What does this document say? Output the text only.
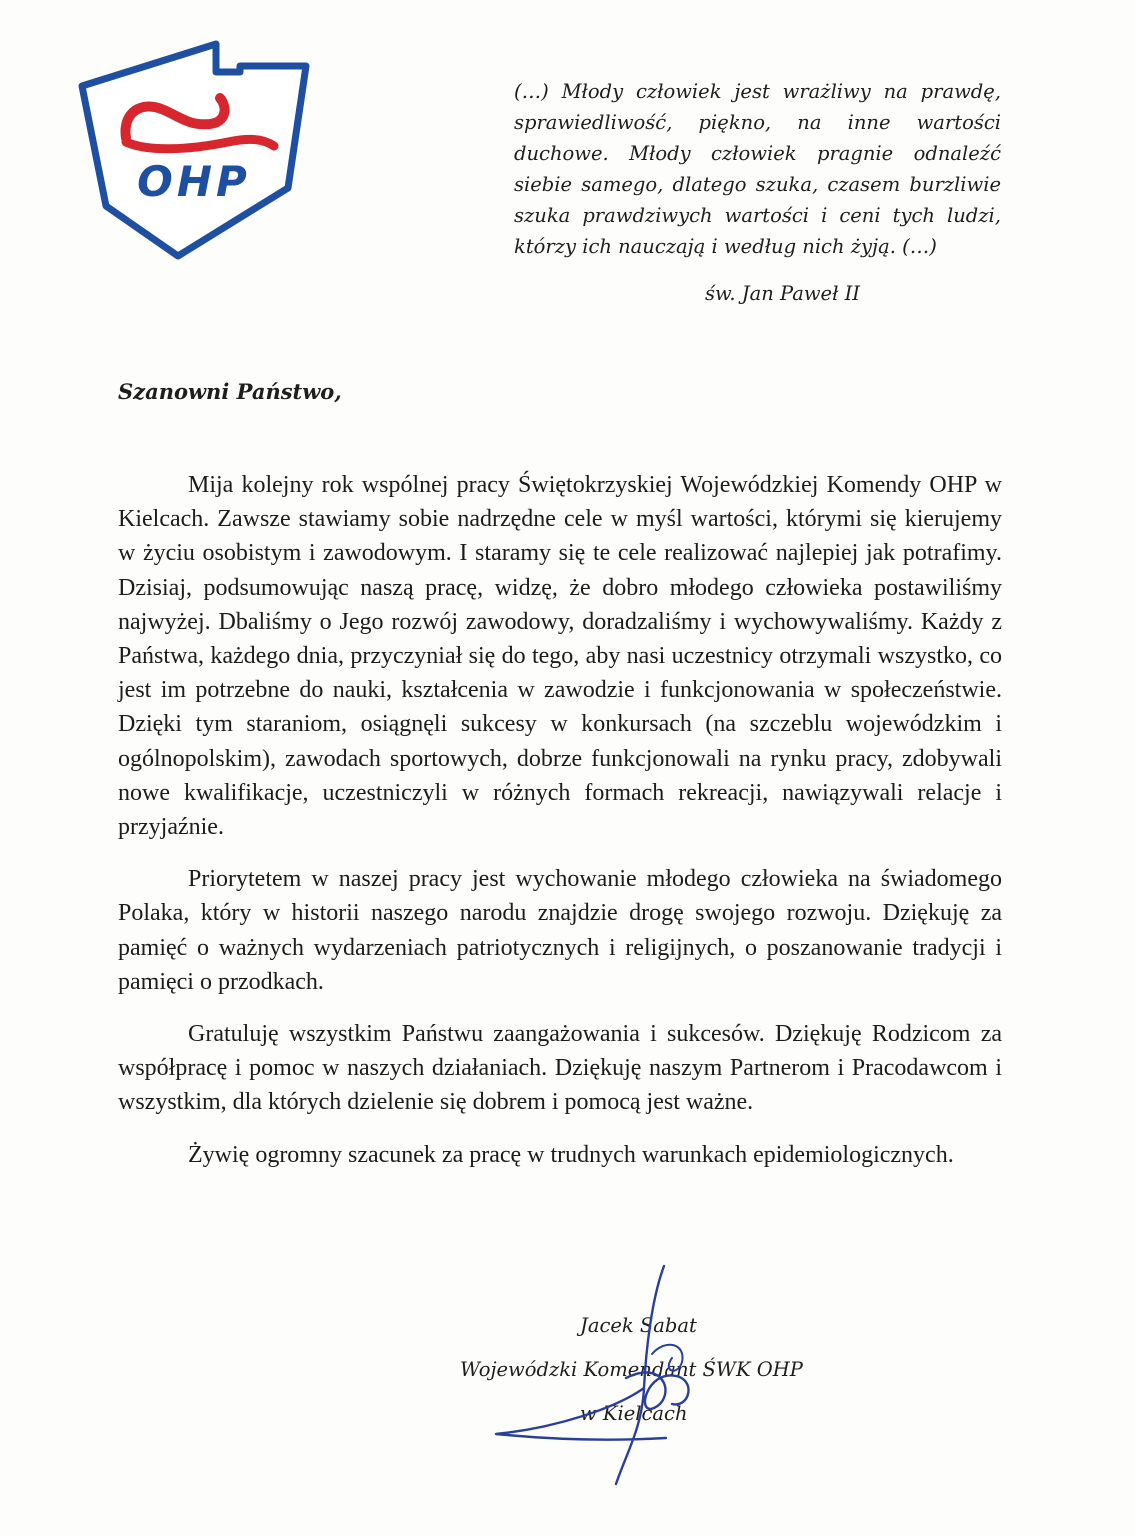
OHP
(…) Młody człowiek jest wrażliwy na prawdę, sprawiedliwość, piękno, na inne wartości duchowe. Młody człowiek pragnie odnaleźć siebie samego, dlatego szuka, czasem burzliwie szuka prawdziwych wartości i ceni tych ludzi, którzy ich nauczają i według nich żyją. (…)
św. Jan Paweł II
Szanowni Państwo,

Mija kolejny rok wspólnej pracy Świętokrzyskiej Wojewódzkiej Komendy OHP w Kielcach. Zawsze stawiamy sobie nadrzędne cele w myśl wartości, którymi się kierujemy w życiu osobistym i zawodowym. I staramy się te cele realizować najlepiej jak potrafimy. Dzisiaj, podsumowując naszą pracę, widzę, że dobro młodego człowieka postawiliśmy najwyżej. Dbaliśmy o Jego rozwój zawodowy, doradzaliśmy i wychowywaliśmy. Każdy z Państwa, każdego dnia, przyczyniał się do tego, aby nasi uczestnicy otrzymali wszystko, co jest im potrzebne do nauki, kształcenia w zawodzie i funkcjonowania w społeczeństwie. Dzięki tym staraniom, osiągnęli sukcesy w konkursach (na szczeblu wojewódzkim i ogólnopolskim), zawodach sportowych, dobrze funkcjonowali na rynku pracy, zdobywali nowe kwalifikacje, uczestniczyli w różnych formach rekreacji, nawiązywali relacje i przyjaźnie.

Priorytetem w naszej pracy jest wychowanie młodego człowieka na świadomego Polaka, który w historii naszego narodu znajdzie drogę swojego rozwoju. Dziękuję za pamięć o ważnych wydarzeniach patriotycznych i religijnych, o poszanowanie tradycji i pamięci o przodkach.

Gratuluję wszystkim Państwu zaangażowania i sukcesów. Dziękuję Rodzicom za współpracę i pomoc w naszych działaniach. Dziękuję naszym Partnerom i Pracodawcom i wszystkim, dla których dzielenie się dobrem i pomocą jest ważne.

Żywię ogromny szacunek za pracę w trudnych warunkach epidemiologicznych.

Jacek Sabat
Wojewódzki Komendant ŚWK OHP
w Kielcach
